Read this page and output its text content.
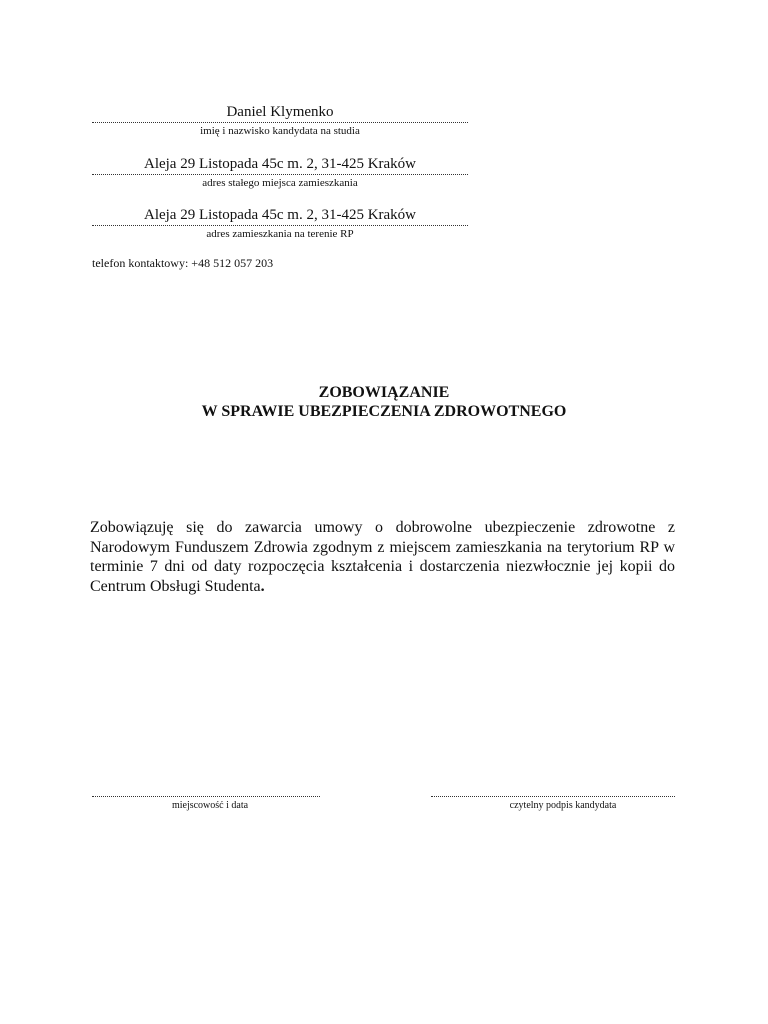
Daniel Klymenko
imię i nazwisko kandydata na studia
Aleja 29 Listopada 45c m. 2, 31-425 Kraków
adres stałego miejsca zamieszkania
Aleja 29 Listopada 45c m. 2, 31-425 Kraków
adres zamieszkania na terenie RP
telefon kontaktowy: +48 512 057 203
ZOBOWIĄZANIE
W SPRAWIE UBEZPIECZENIA ZDROWOTNEGO
Zobowiązuję się do zawarcia umowy o dobrowolne ubezpieczenie zdrowotne z Narodowym Funduszem Zdrowia zgodnym z miejscem zamieszkania na terytorium RP w terminie 7 dni od daty rozpoczęcia kształcenia i dostarczenia niezwłocznie jej kopii do Centrum Obsługi Studenta.
miejscowość i data	czytelny podpis kandydata
